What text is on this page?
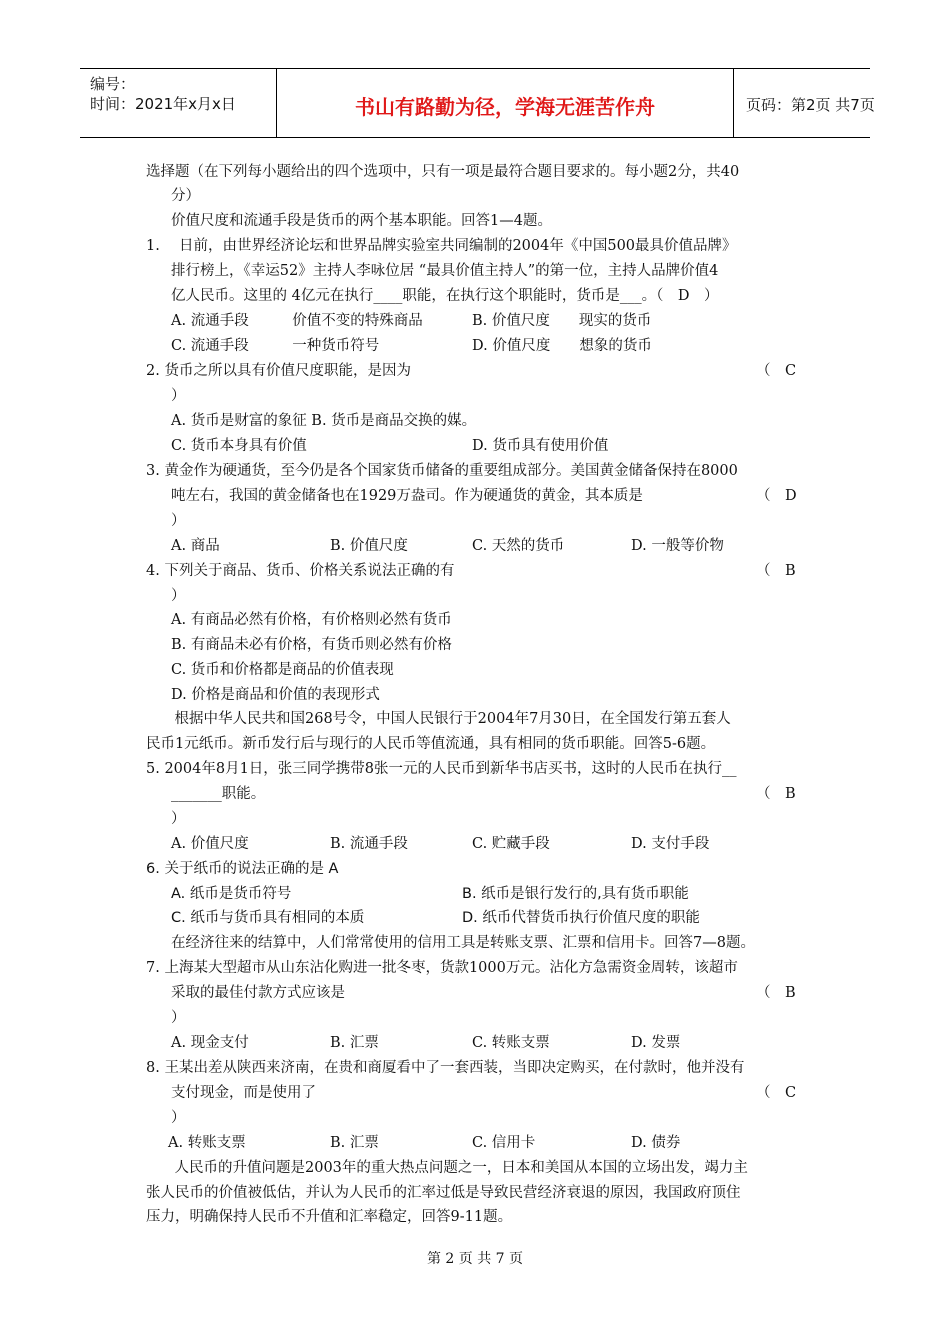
编号：
时间：2021年x月x日	书山有路勤为径，学海无涯苦作舟	页码：第2页 共7页
选择题（在下列每小题给出的四个选项中，只有一项是最符合题目要求的。每小题2分，共40
分）
价值尺度和流通手段是货币的两个基本职能。回答1—4题。
1.　 日前，由世界经济论坛和世界品牌实验室共同编制的2004年《中国500最具价值品牌》
排行榜上，《幸运52》主持人李咏位居 “最具价值主持人”的第一位，主持人品牌价值4
亿人民币。这里的 4亿元在执行____职能，在执行这个职能时，货币是___。（　D　）
A. 流通手段　　　价值不变的特殊商品	B. 价值尺度　　现实的货币
C. 流通手段　　　一种货币符号	D. 价值尺度　　想象的货币
2. 货币之所以具有价值尺度职能，是因为	（　C
）
A. 货币是财富的象征 B. 货币是商品交换的媒。
C. 货币本身具有价值	D. 货币具有使用价值
3. 黄金作为硬通货，至今仍是各个国家货币储备的重要组成部分。美国黄金储备保持在8000
吨左右，我国的黄金储备也在1929万盎司。作为硬通货的黄金，其本质是	（　D
）
A. 商品	B. 价值尺度	C. 天然的货币	D. 一般等价物
4. 下列关于商品、货币、价格关系说法正确的有	（　B
）
A. 有商品必然有价格，有价格则必然有货币
B. 有商品未必有价格，有货币则必然有价格
C. 货币和价格都是商品的价值表现
D. 价格是商品和价值的表现形式
　根据中华人民共和国268号令，中国人民银行于2004年7月30日，在全国发行第五套人
民币1元纸币。新币发行后与现行的人民币等值流通，具有相同的货币职能。回答5-6题。
5. 2004年8月1日，张三同学携带8张一元的人民币到新华书店买书，这时的人民币在执行__
_______职能。	（　B
）
A. 价值尺度	B. 流通手段	C. 贮藏手段	D. 支付手段
6. 关于纸币的说法正确的是 A
A. 纸币是货币符号	B. 纸币是银行发行的,具有货币职能
C. 纸币与货币具有相同的本质	D. 纸币代替货币执行价值尺度的职能
在经济往来的结算中，人们常常使用的信用工具是转账支票、汇票和信用卡。回答7—8题。
7. 上海某大型超市从山东沾化购进一批冬枣，货款1000万元。沾化方急需资金周转，该超市
采取的最佳付款方式应该是	（　B
）
A. 现金支付	B. 汇票	C. 转账支票	D. 发票
8. 王某出差从陕西来济南，在贵和商厦看中了一套西装，当即决定购买，在付款时，他并没有
支付现金，而是使用了	（　C
）
A. 转账支票	B. 汇票	C. 信用卡	D. 债券
　人民币的升值问题是2003年的重大热点问题之一，日本和美国从本国的立场出发，竭力主
张人民币的价值被低估，并认为人民币的汇率过低是导致民营经济衰退的原因，我国政府顶住
压力，明确保持人民币不升值和汇率稳定，回答9-11题。
第 2 页 共 7 页
